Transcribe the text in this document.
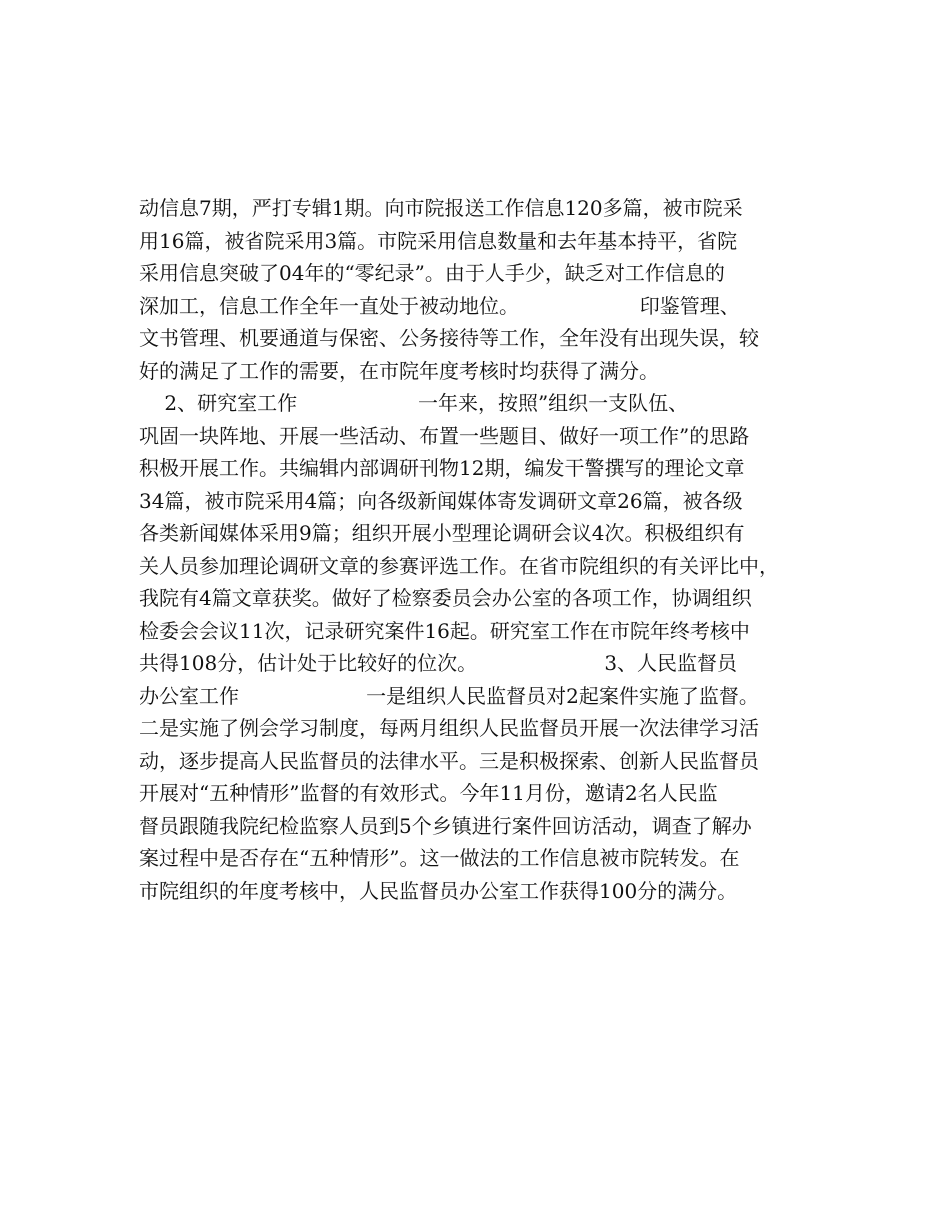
动信息7期，严打专辑1期。向市院报送工作信息120多篇，被市院采
用16篇，被省院采用3篇。市院采用信息数量和去年基本持平，省院
采用信息突破了04年的“零纪录”。由于人手少，缺乏对工作信息的
深加工，信息工作全年一直处于被动地位。                   印鉴管理、
文书管理、机要通道与保密、公务接待等工作，全年没有出现失误，较
好的满足了工作的需要，在市院年度考核时均获得了满分。
2、研究室工作                   一年来，按照”组织一支队伍、
巩固一块阵地、开展一些活动、布置一些题目、做好一项工作”的思路
积极开展工作。共编辑内部调研刊物12期，编发干警撰写的理论文章
34篇，被市院采用4篇；向各级新闻媒体寄发调研文章26篇，被各级
各类新闻媒体采用9篇；组织开展小型理论调研会议4次。积极组织有
关人员参加理论调研文章的参赛评选工作。在省市院组织的有关评比中，
我院有4篇文章获奖。做好了检察委员会办公室的各项工作，协调组织
检委会会议11次，记录研究案件16起。研究室工作在市院年终考核中
共得108分，估计处于比较好的位次。                    3、人民监督员
办公室工作                    一是组织人民监督员对2起案件实施了监督。
二是实施了例会学习制度，每两月组织人民监督员开展一次法律学习活
动，逐步提高人民监督员的法律水平。三是积极探索、创新人民监督员
开展对“五种情形”监督的有效形式。今年11月份，邀请2名人民监
督员跟随我院纪检监察人员到5个乡镇进行案件回访活动，调查了解办
案过程中是否存在“五种情形”。这一做法的工作信息被市院转发。在
市院组织的年度考核中，人民监督员办公室工作获得100分的满分。
